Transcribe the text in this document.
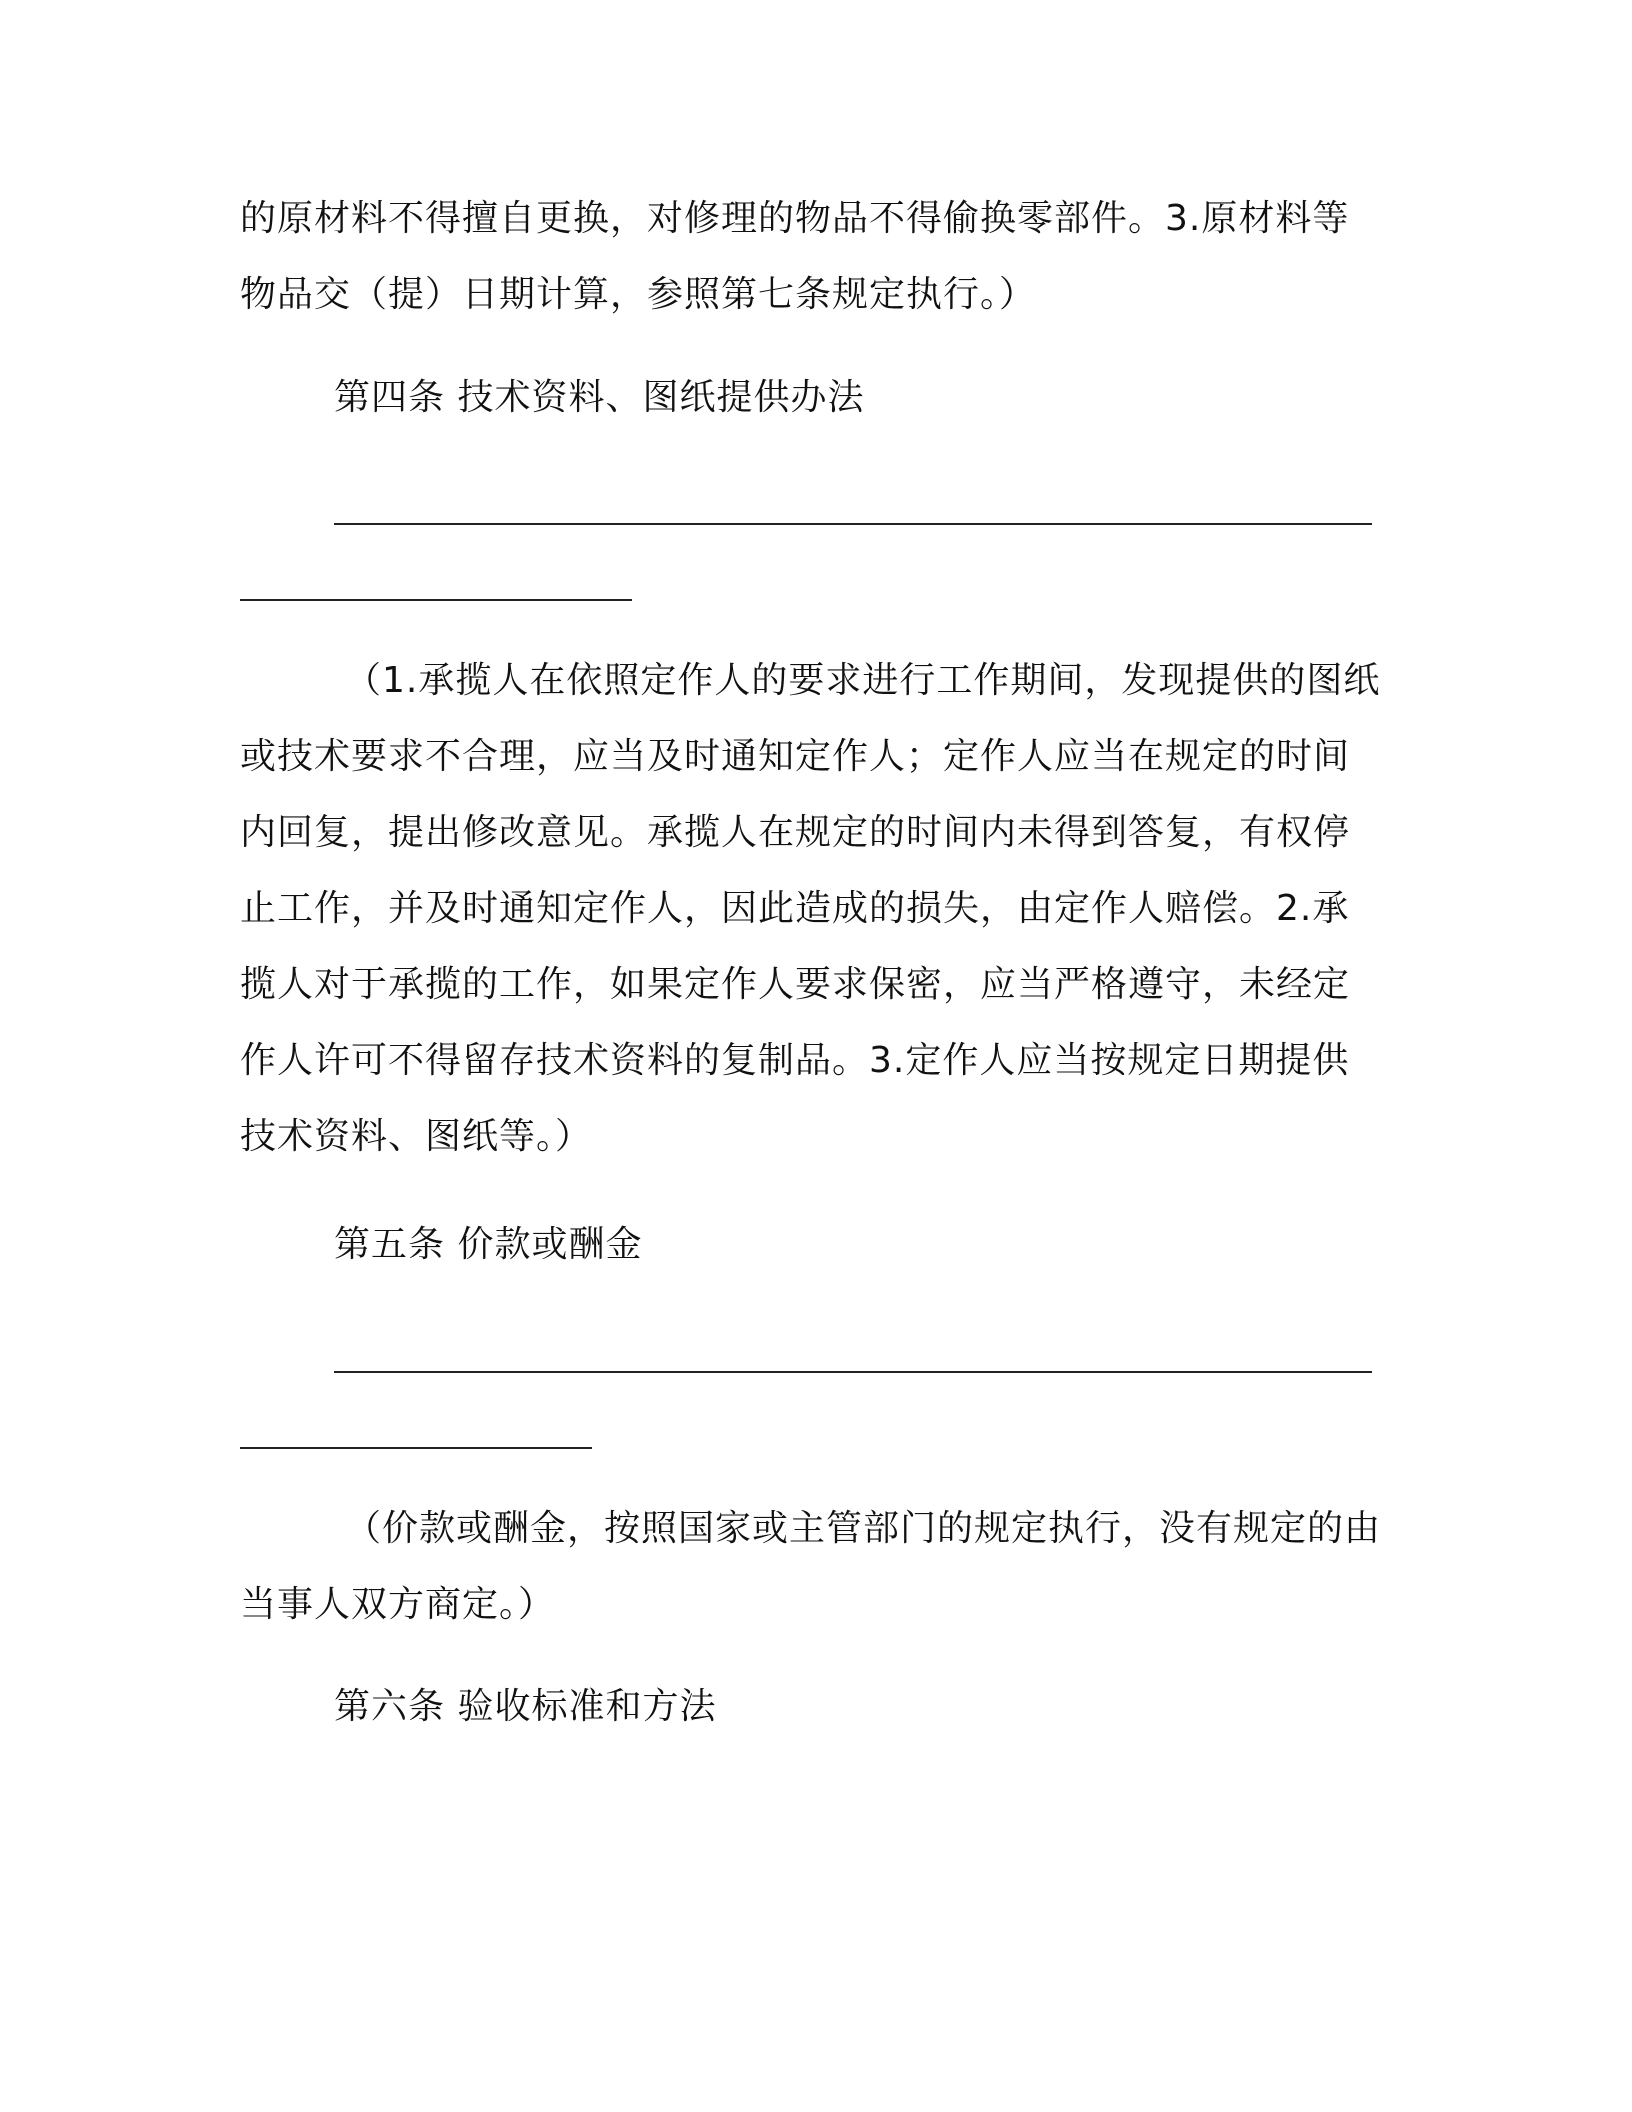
的原材料不得擅自更换，对修理的物品不得偷换零部件。3.原材料等
物品交（提）日期计算，参照第七条规定执行。）
第四条 技术资料、图纸提供办法
（1.承揽人在依照定作人的要求进行工作期间，发现提供的图纸
或技术要求不合理，应当及时通知定作人；定作人应当在规定的时间
内回复，提出修改意见。承揽人在规定的时间内未得到答复，有权停
止工作，并及时通知定作人，因此造成的损失，由定作人赔偿。2.承
揽人对于承揽的工作，如果定作人要求保密，应当严格遵守，未经定
作人许可不得留存技术资料的复制品。3.定作人应当按规定日期提供
技术资料、图纸等。）
第五条 价款或酬金
（价款或酬金，按照国家或主管部门的规定执行，没有规定的由
当事人双方商定。）
第六条 验收标准和方法
